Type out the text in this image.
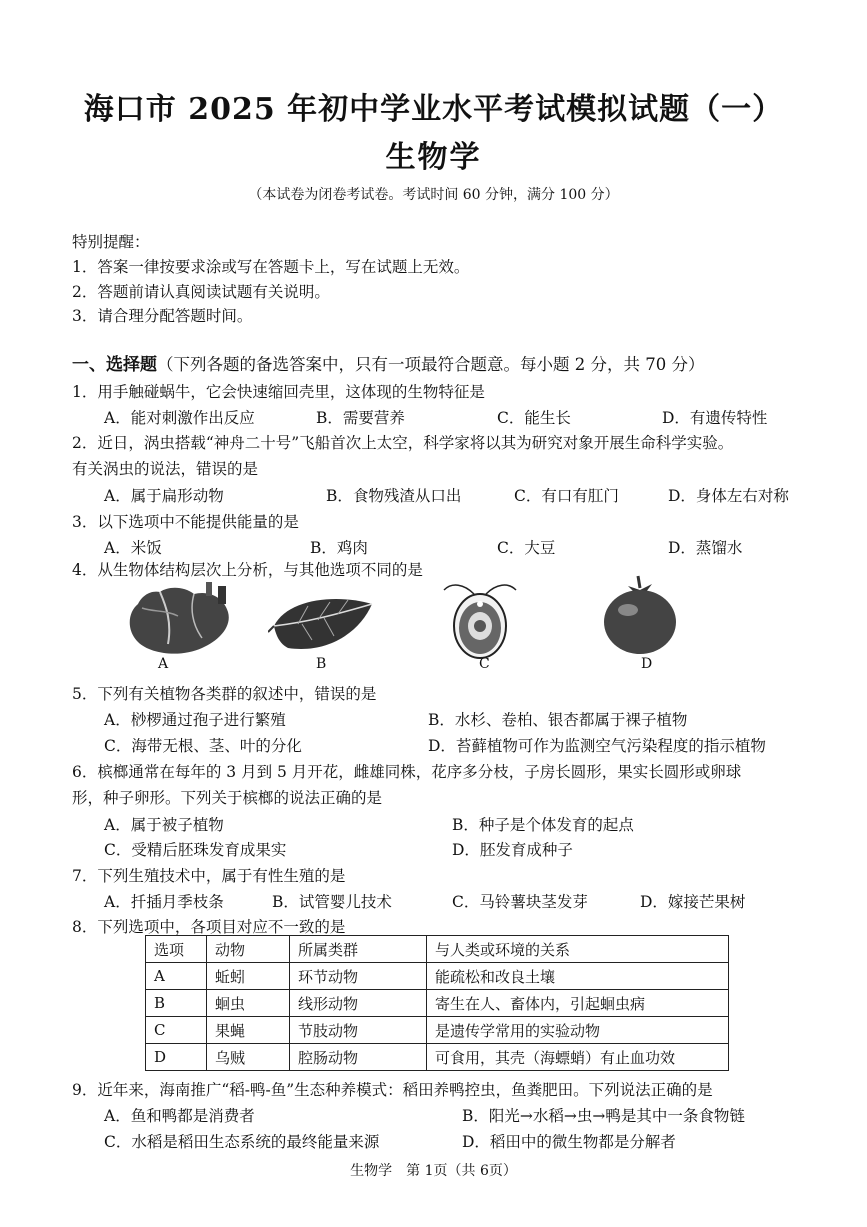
海口市 2025 年初中学业水平考试模拟试题（一）
生物学
（本试卷为闭卷考试卷。考试时间 60 分钟，满分 100 分）
特别提醒：
1．答案一律按要求涂或写在答题卡上，写在试题上无效。
2．答题前请认真阅读试题有关说明。
3．请合理分配答题时间。
一、选择题（下列各题的备选答案中，只有一项最符合题意。每小题 2 分，共 70 分）
1．用手触碰蜗牛，它会快速缩回壳里，这体现的生物特征是
A．能对刺激作出反应	B．需要营养	C．能生长	D．有遗传特性
2．近日，涡虫搭载“神舟二十号”飞船首次上太空，科学家将以其为研究对象开展生命科学实验。
有关涡虫的说法，错误的是
A．属于扁形动物	B．食物残渣从口出	C．有口有肛门	D．身体左右对称
3．以下选项中不能提供能量的是
A．米饭	B．鸡肉	C．大豆	D．蒸馏水
4．从生物体结构层次上分析，与其他选项不同的是
A	B	C	D
5．下列有关植物各类群的叙述中，错误的是
A．桫椤通过孢子进行繁殖	B．水杉、卷柏、银杏都属于裸子植物
C．海带无根、茎、叶的分化	D．苔藓植物可作为监测空气污染程度的指示植物
6．槟榔通常在每年的 3 月到 5 月开花，雌雄同株，花序多分枝，子房长圆形，果实长圆形或卵球
形，种子卵形。下列关于槟榔的说法正确的是
A．属于被子植物	B．种子是个体发育的起点
C．受精后胚珠发育成果实	D．胚发育成种子
7．下列生殖技术中，属于有性生殖的是
A．扦插月季枝条	B．试管婴儿技术	C．马铃薯块茎发芽	D．嫁接芒果树
8．下列选项中，各项目对应不一致的是
选项	动物	所属类群	与人类或环境的关系
A	蚯蚓	环节动物	能疏松和改良土壤
B	蛔虫	线形动物	寄生在人、畜体内，引起蛔虫病
C	果蝇	节肢动物	是遗传学常用的实验动物
D	乌贼	腔肠动物	可食用，其壳（海螵蛸）有止血功效
9．近年来，海南推广“稻-鸭-鱼”生态种养模式：稻田养鸭控虫，鱼粪肥田。下列说法正确的是
A．鱼和鸭都是消费者	B．阳光→水稻→虫→鸭是其中一条食物链
C．水稻是稻田生态系统的最终能量来源	D．稻田中的微生物都是分解者
生物学　第 1页（共 6页）
